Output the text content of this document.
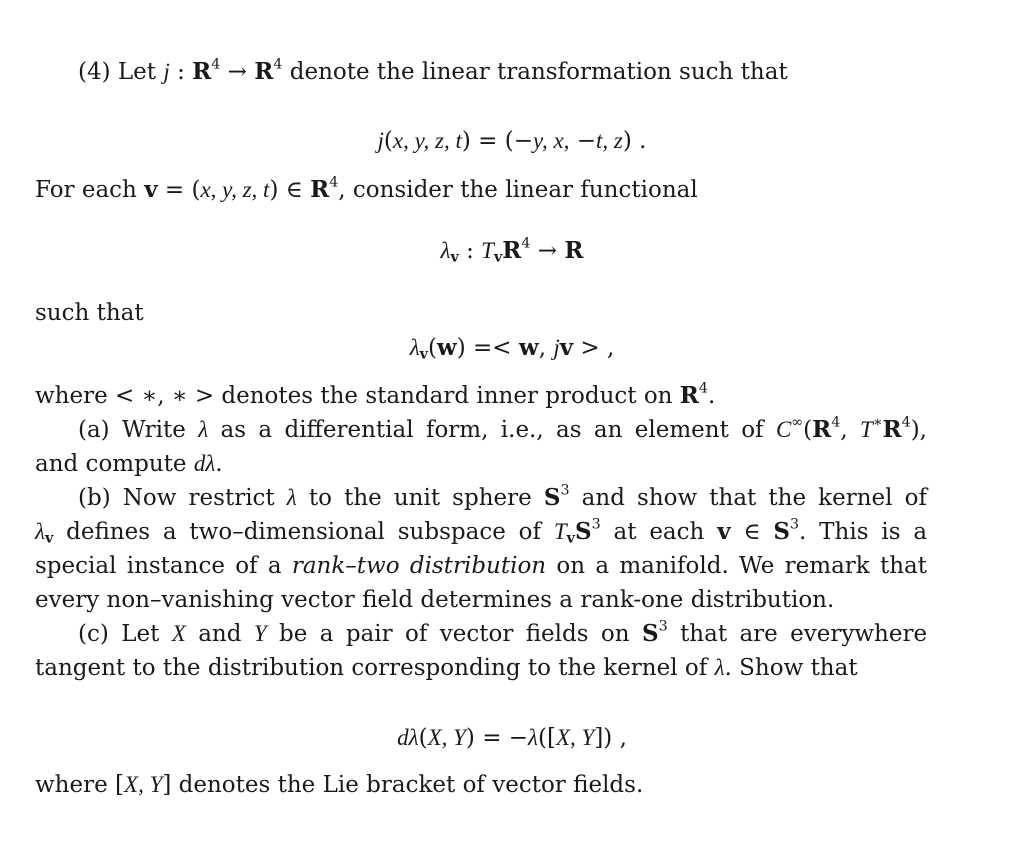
(4) Let j : $R^4 \to R^4$ denote the linear transformation such that
j(x, y, z, t) = (−y, x, −t, z) .
For each v = (x, y, z, t) ∈ $R^4$, consider the linear functional
$\lambda_v$ : $T_vR^4 \to R$
such that
$\lambda_v(w) =< w$, jv > ,
where < ∗, ∗ > denotes the standard inner product on $R^4$.
(a) Write λ as a differential form, i.e., as an element of $C^\infty(R^4$, $T^∗R^4$),
and compute dλ.
(b) Now restrict λ to the unit sphere $S^3$ and show that the kernel of
$\lambda_v$ defines a two–dimensional subspace of $T_vS^3$ at each v ∈ $S^3$. This is a
special instance of a rank–two distribution on a manifold. We remark that
every non–vanishing vector field determines a rank-one distribution.
(c) Let X and Y be a pair of vector fields on $S^3$ that are everywhere
tangent to the distribution corresponding to the kernel of λ. Show that
dλ(X, Y) = −λ([X, Y]) ,
where [X, Y] denotes the Lie bracket of vector fields.
